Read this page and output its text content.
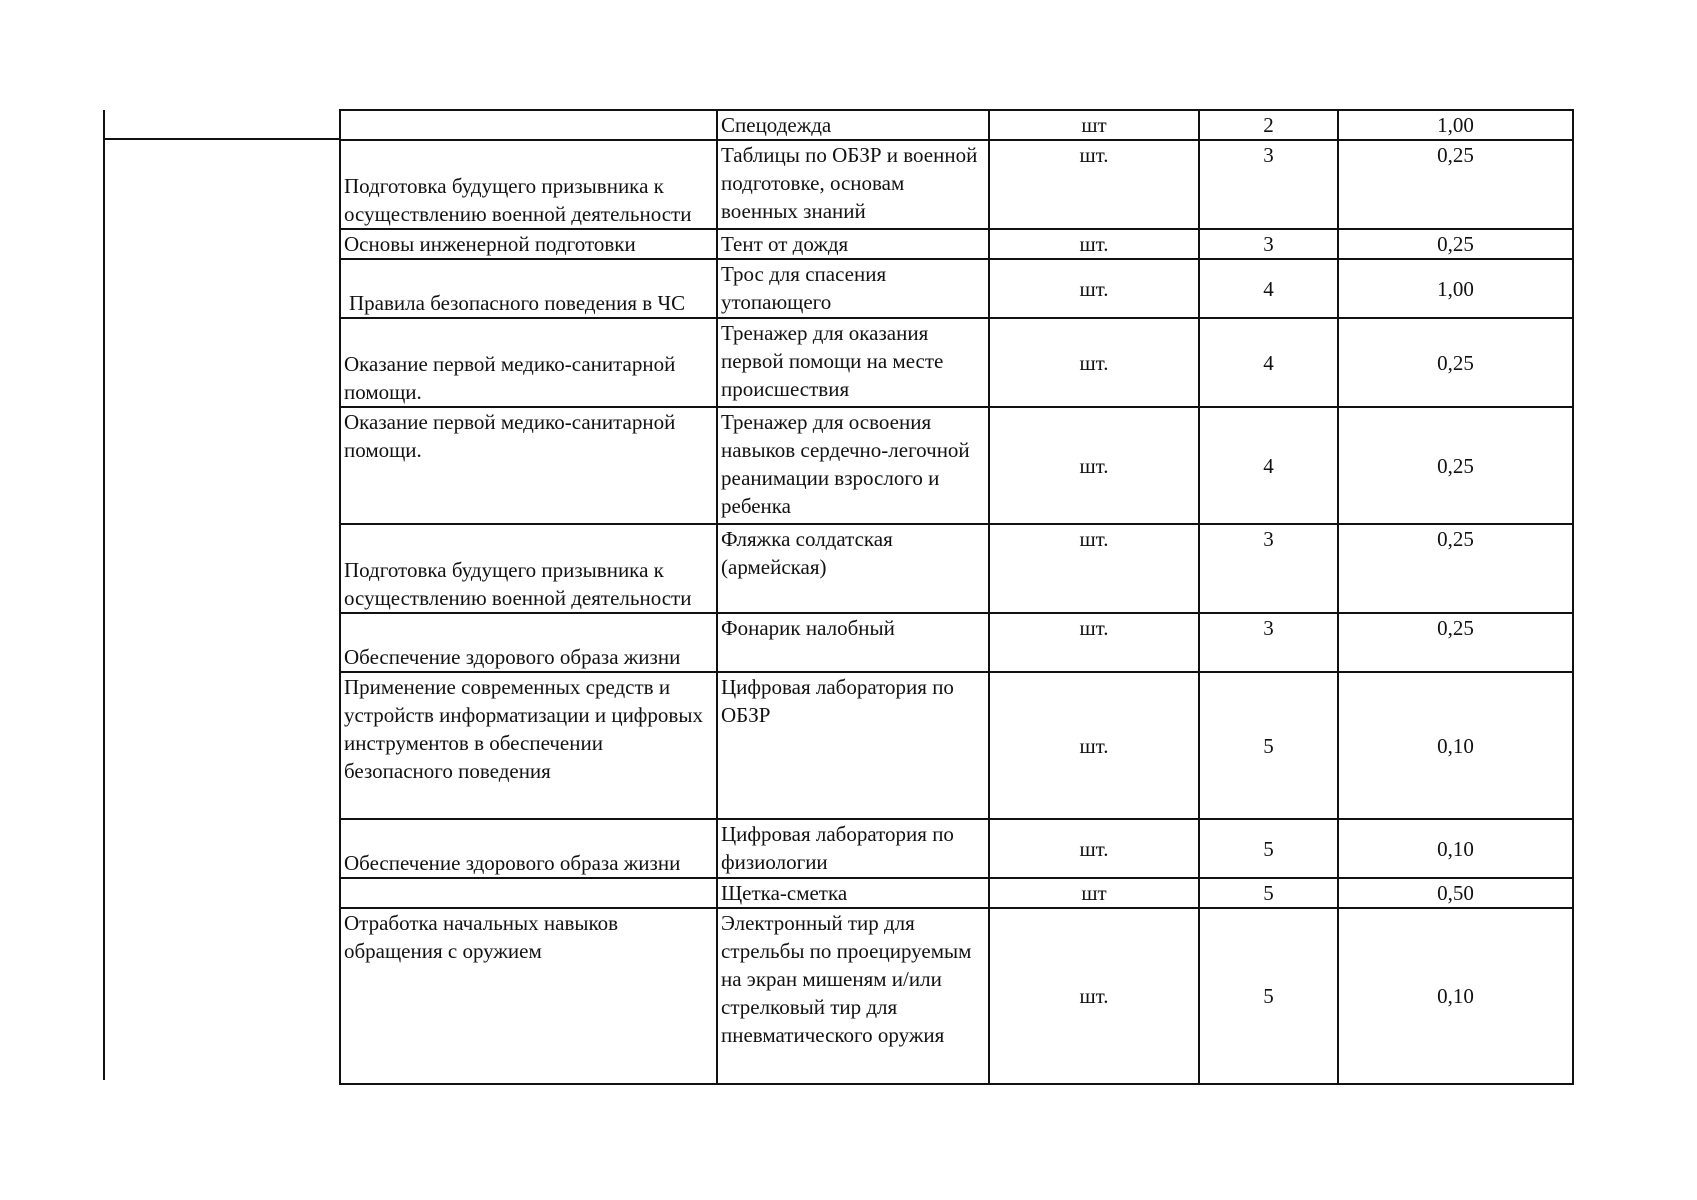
	Спецодежда	шт	2	1,00
Подготовка будущего призывника к осуществлению военной деятельности	Таблицы по ОБЗР и военной подготовке, основам военных знаний	шт.	3	0,25
Основы инженерной подготовки	Тент от дождя	шт.	3	0,25
Правила безопасного поведения в ЧС	Трос для спасения утопающего	шт.	4	1,00
Оказание первой медико-санитарной помощи.	Тренажер для оказания первой помощи на месте происшествия	шт.	4	0,25
Оказание первой медико-санитарной помощи.	Тренажер для освоения навыков сердечно-легочной реанимации взрослого и ребенка	шт.	4	0,25
Подготовка будущего призывника к осуществлению военной деятельности	Фляжка солдатская (армейская)	шт.	3	0,25
Обеспечение здорового образа жизни	Фонарик налобный	шт.	3	0,25
Применение современных средств и устройств информатизации и цифровых инструментов в обеспечении безопасного поведения	Цифровая лаборатория по ОБЗР	шт.	5	0,10
Обеспечение здорового образа жизни	Цифровая лаборатория по физиологии	шт.	5	0,10
	Щетка-сметка	шт	5	0,50
Отработка начальных навыков обращения с оружием	Электронный тир для стрельбы по проецируемым на экран мишеням и/или стрелковый тир для пневматического оружия	шт.	5	0,10
